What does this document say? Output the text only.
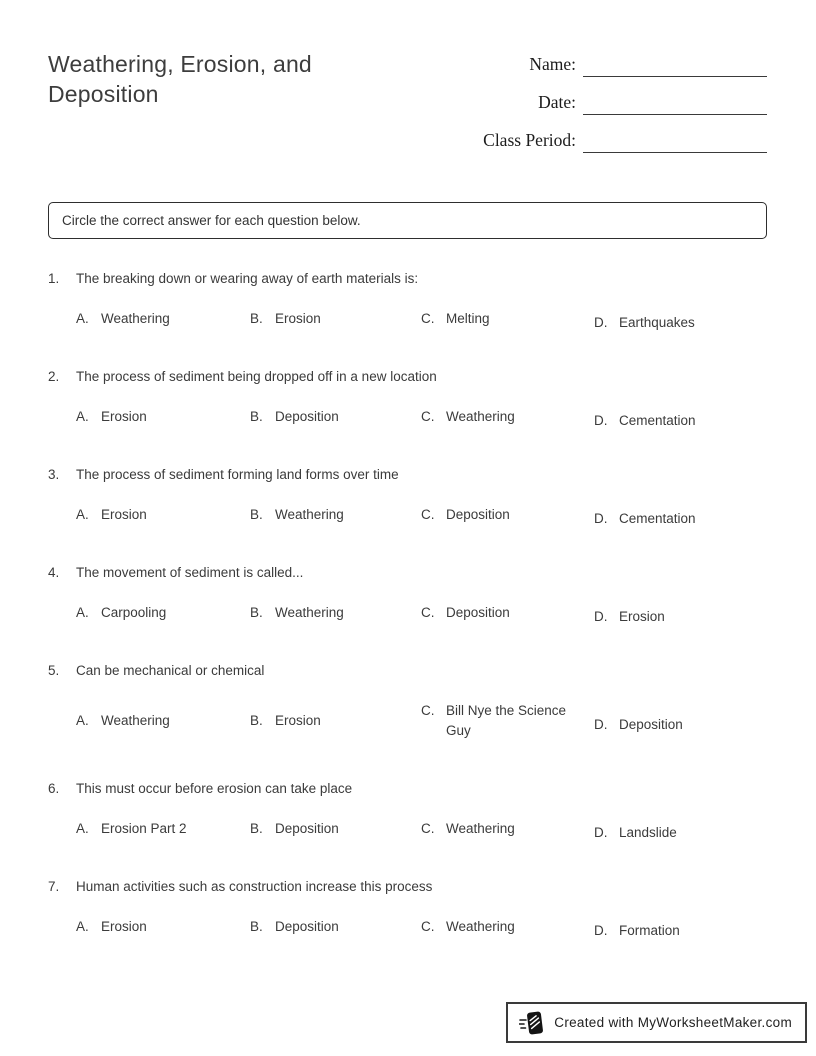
Weathering, Erosion, and Deposition
Name:
Date:
Class Period:
Circle the correct answer for each question below.
1.	The breaking down or wearing away of earth materials is:
A. Weathering	B. Erosion	C. Melting	D. Earthquakes
2.	The process of sediment being dropped off in a new location
A. Erosion	B. Deposition	C. Weathering	D. Cementation
3.	The process of sediment forming land forms over time
A. Erosion	B. Weathering	C. Deposition	D. Cementation
4.	The movement of sediment is called...
A. Carpooling	B. Weathering	C. Deposition	D. Erosion
5.	Can be mechanical or chemical
A. Weathering	B. Erosion
C. Bill Nye the Science Guy	D. Deposition
6.	This must occur before erosion can take place
A. Erosion Part 2	B. Deposition	C. Weathering	D. Landslide
7.	Human activities such as construction increase this process
A. Erosion	B. Deposition	C. Weathering	D. Formation
Created with MyWorksheetMaker.com
